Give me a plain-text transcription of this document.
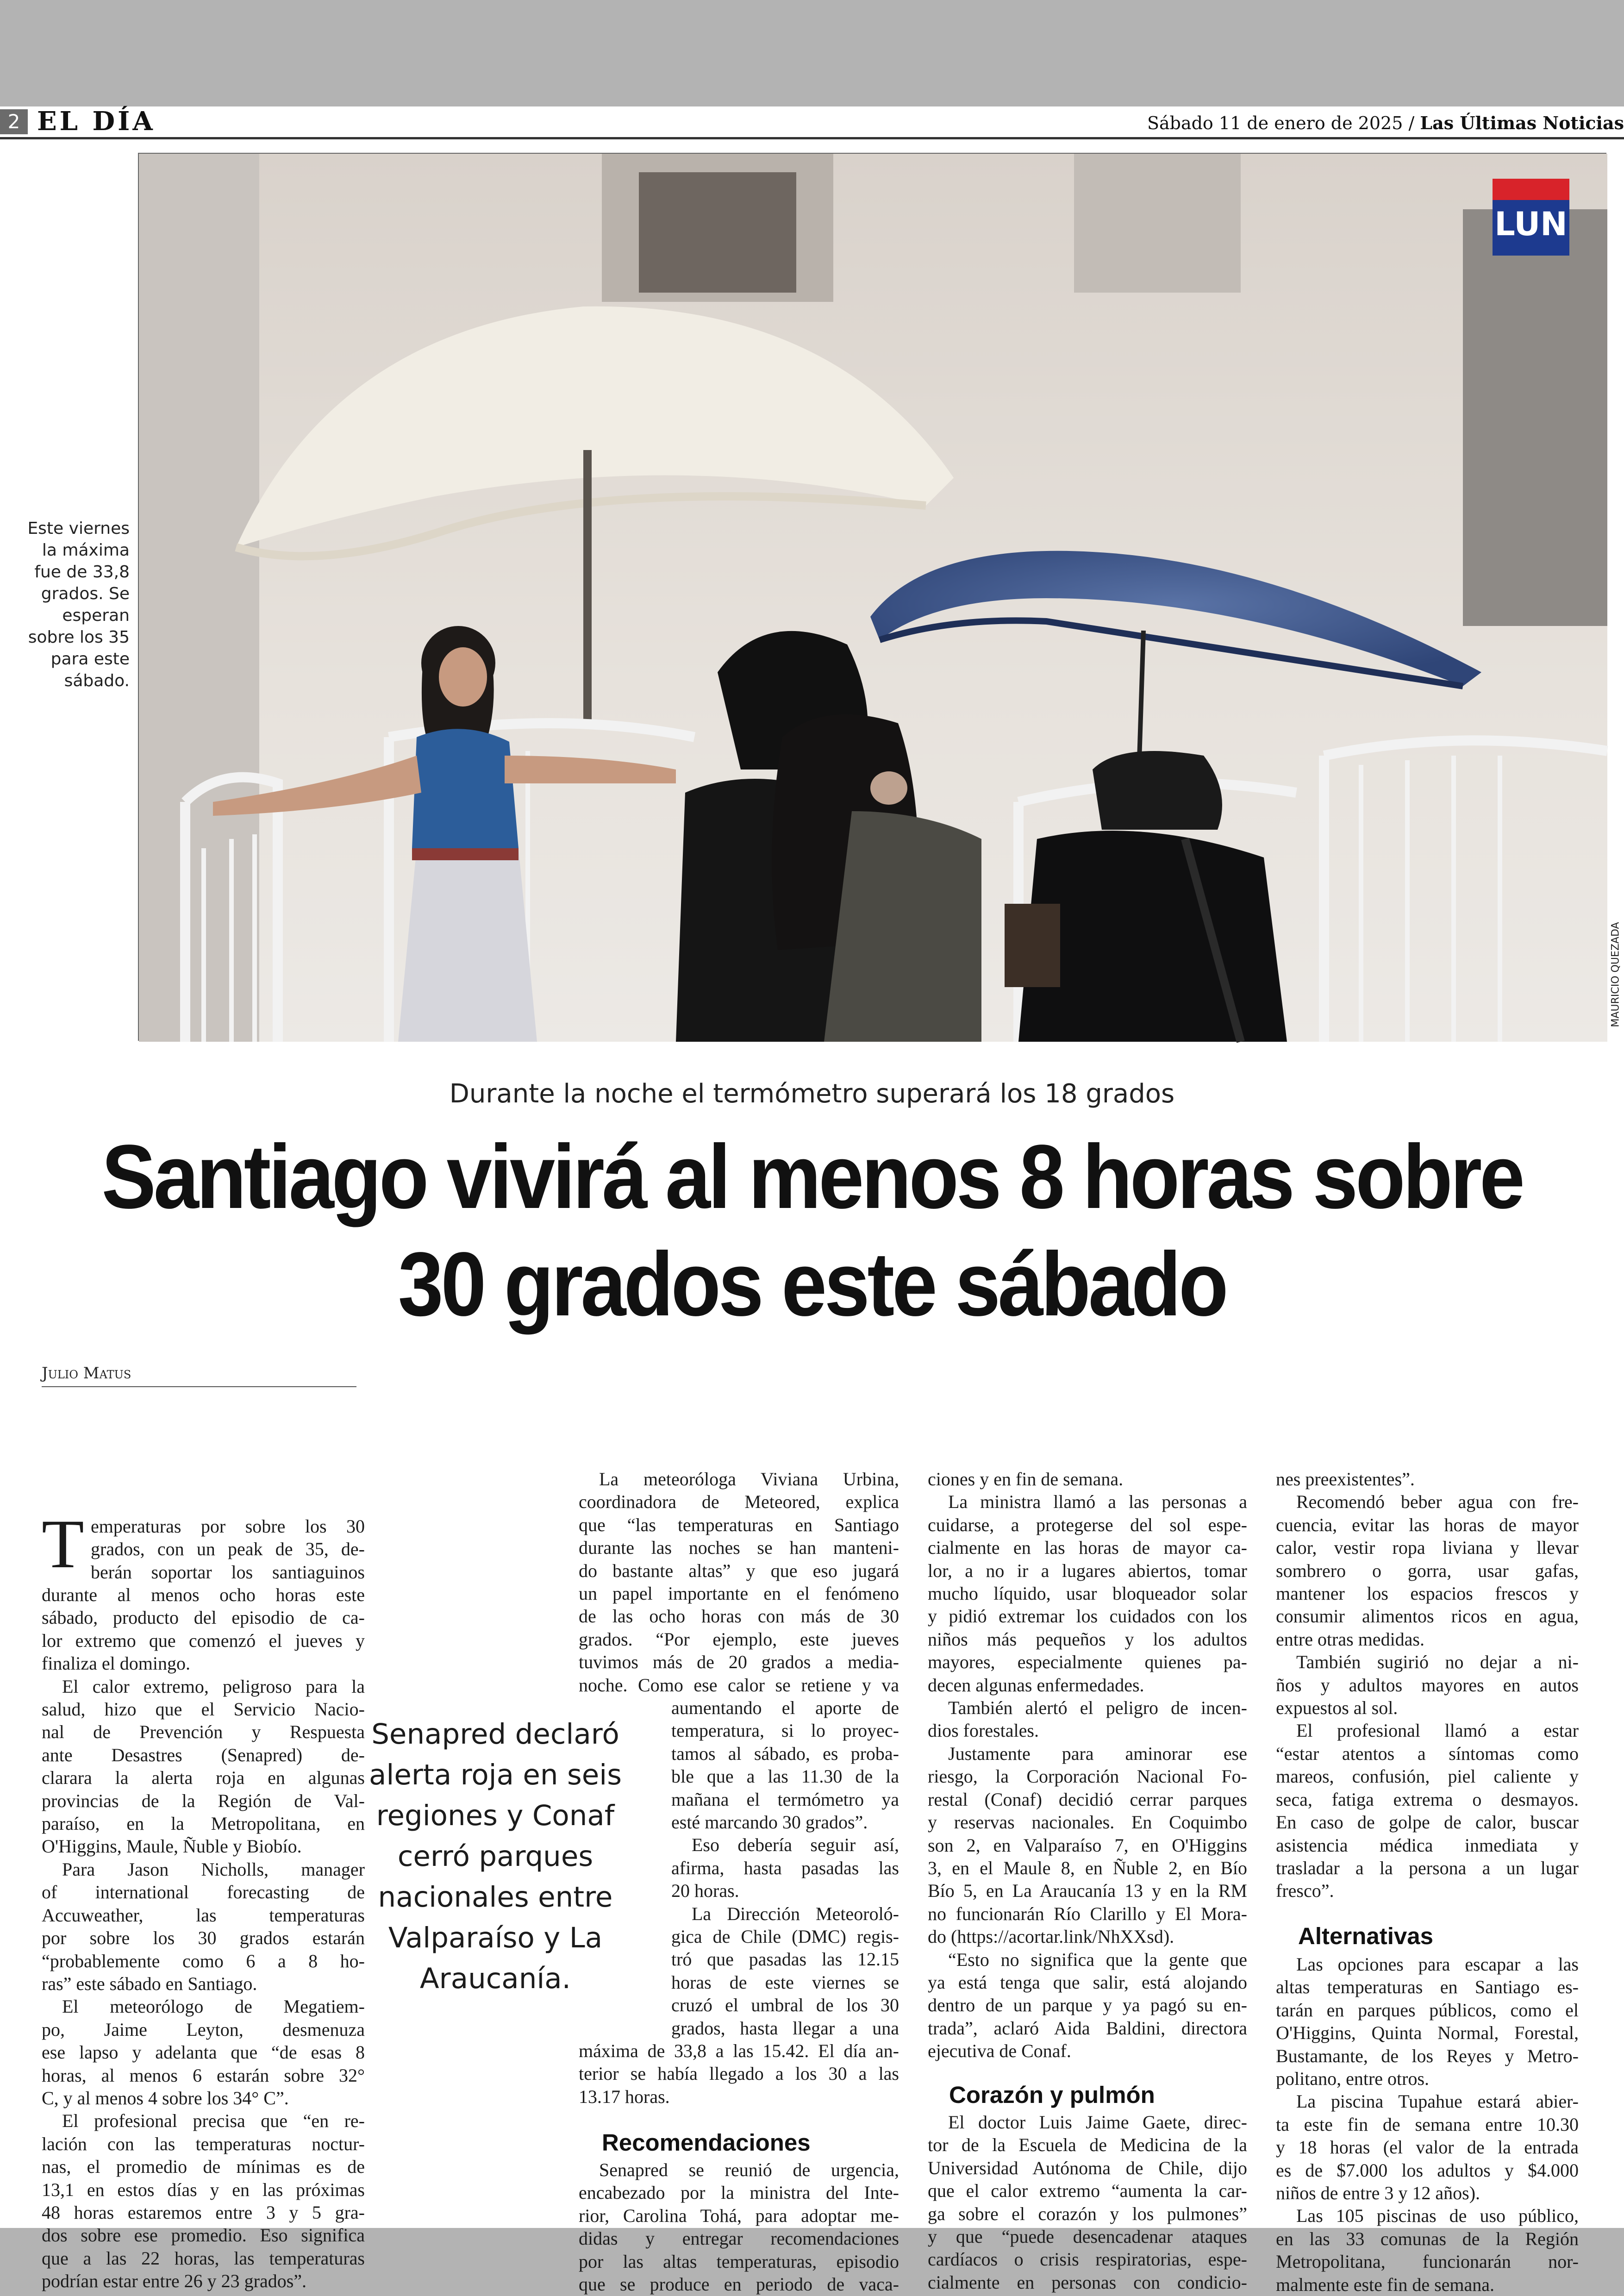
2 EL DÍA	Sábado 11 de enero de 2025 / Las Últimas Noticias
Este viernes
la máxima
fue de 33,8
grados. Se
esperan
sobre los 35
para este
sábado.
LUN
MAURICIO QUEZADA
Durante la noche el termómetro superará los 18 grados
Santiago vivirá al menos 8 horas sobre
30 grados este sábado
Julio Matus
T emperaturas por sobre los 30
grados, con un peak de 35, de-
berán soportar los santiaguinos
durante al menos ocho horas este
sábado, producto del episodio de ca-
lor extremo que comenzó el jueves y
finaliza el domingo.
El calor extremo, peligroso para la
salud, hizo que el Servicio Nacio-
nal de Prevención y Respuesta
ante Desastres (Senapred) de-
clarara la alerta roja en algunas
provincias de la Región de Val-
paraíso, en la Metropolitana, en
O'Higgins, Maule, Ñuble y Biobío.
Para Jason Nicholls, manager
of international forecasting de
Accuweather, las temperaturas
por sobre los 30 grados estarán
“probablemente como 6 a 8 ho-
ras” este sábado en Santiago.
El meteorólogo de Megatiem-
po, Jaime Leyton, desmenuza
ese lapso y adelanta que “de esas 8
horas, al menos 6 estarán sobre 32°
C, y al menos 4 sobre los 34° C”.
El profesional precisa que “en re-
lación con las temperaturas noctur-
nas, el promedio de mínimas es de
13,1 en estos días y en las próximas
48 horas estaremos entre 3 y 5 gra-
dos sobre ese promedio. Eso significa
que a las 22 horas, las temperaturas
podrían estar entre 26 y 23 grados”.
Senapred declaró alerta roja en seis regiones y Conaf cerró parques nacionales entre Valparaíso y La Araucanía.
La meteoróloga Viviana Urbina,
coordinadora de Meteored, explica
que “las temperaturas en Santiago
durante las noches se han manteni-
do bastante altas” y que eso jugará
un papel importante en el fenómeno
de las ocho horas con más de 30
grados. “Por ejemplo, este jueves
tuvimos más de 20 grados a media-
noche. Como ese calor se retiene y va
aumentando el aporte de
temperatura, si lo proyec-
tamos al sábado, es proba-
ble que a las 11.30 de la
mañana el termómetro ya
esté marcando 30 grados”.
Eso debería seguir así,
afirma, hasta pasadas las
20 horas.
La Dirección Meteoroló-
gica de Chile (DMC) regis-
tró que pasadas las 12.15
horas de este viernes se
cruzó el umbral de los 30
grados, hasta llegar a una
máxima de 33,8 a las 15.42. El día an-
terior se había llegado a los 30 a las
13.17 horas.
Recomendaciones
Senapred se reunió de urgencia,
encabezado por la ministra del Inte-
rior, Carolina Tohá, para adoptar me-
didas y entregar recomendaciones
por las altas temperaturas, episodio
que se produce en periodo de vaca-
ciones y en fin de semana.
La ministra llamó a las personas a
cuidarse, a protegerse del sol espe-
cialmente en las horas de mayor ca-
lor, a no ir a lugares abiertos, tomar
mucho líquido, usar bloqueador solar
y pidió extremar los cuidados con los
niños más pequeños y los adultos
mayores, especialmente quienes pa-
decen algunas enfermedades.
También alertó el peligro de incen-
dios forestales.
Justamente para aminorar ese
riesgo, la Corporación Nacional Fo-
restal (Conaf) decidió cerrar parques
y reservas nacionales. En Coquimbo
son 2, en Valparaíso 7, en O'Higgins
3, en el Maule 8, en Ñuble 2, en Bío
Bío 5, en La Araucanía 13 y en la RM
no funcionarán Río Clarillo y El Mora-
do (https://acortar.link/NhXXsd).
“Esto no significa que la gente que
ya está tenga que salir, está alojando
dentro de un parque y ya pagó su en-
trada”, aclaró Aida Baldini, directora
ejecutiva de Conaf.
Corazón y pulmón
El doctor Luis Jaime Gaete, direc-
tor de la Escuela de Medicina de la
Universidad Autónoma de Chile, dijo
que el calor extremo “aumenta la car-
ga sobre el corazón y los pulmones”
y que “puede desencadenar ataques
cardíacos o crisis respiratorias, espe-
cialmente en personas con condicio-
nes preexistentes”.
Recomendó beber agua con fre-
cuencia, evitar las horas de mayor
calor, vestir ropa liviana y llevar
sombrero o gorra, usar gafas,
mantener los espacios frescos y
consumir alimentos ricos en agua,
entre otras medidas.
También sugirió no dejar a ni-
ños y adultos mayores en autos
expuestos al sol.
El profesional llamó a estar
“estar atentos a síntomas como
mareos, confusión, piel caliente y
seca, fatiga extrema o desmayos.
En caso de golpe de calor, buscar
asistencia médica inmediata y
trasladar a la persona a un lugar
fresco”.
Alternativas
Las opciones para escapar a las
altas temperaturas en Santiago es-
tarán en parques públicos, como el
O'Higgins, Quinta Normal, Forestal,
Bustamante, de los Reyes y Metro-
politano, entre otros.
La piscina Tupahue estará abier-
ta este fin de semana entre 10.30
y 18 horas (el valor de la entrada
es de $7.000 los adultos y $4.000
niños de entre 3 y 12 años).
Las 105 piscinas de uso público,
en las 33 comunas de la Región
Metropolitana, funcionarán nor-
malmente este fin de semana.
